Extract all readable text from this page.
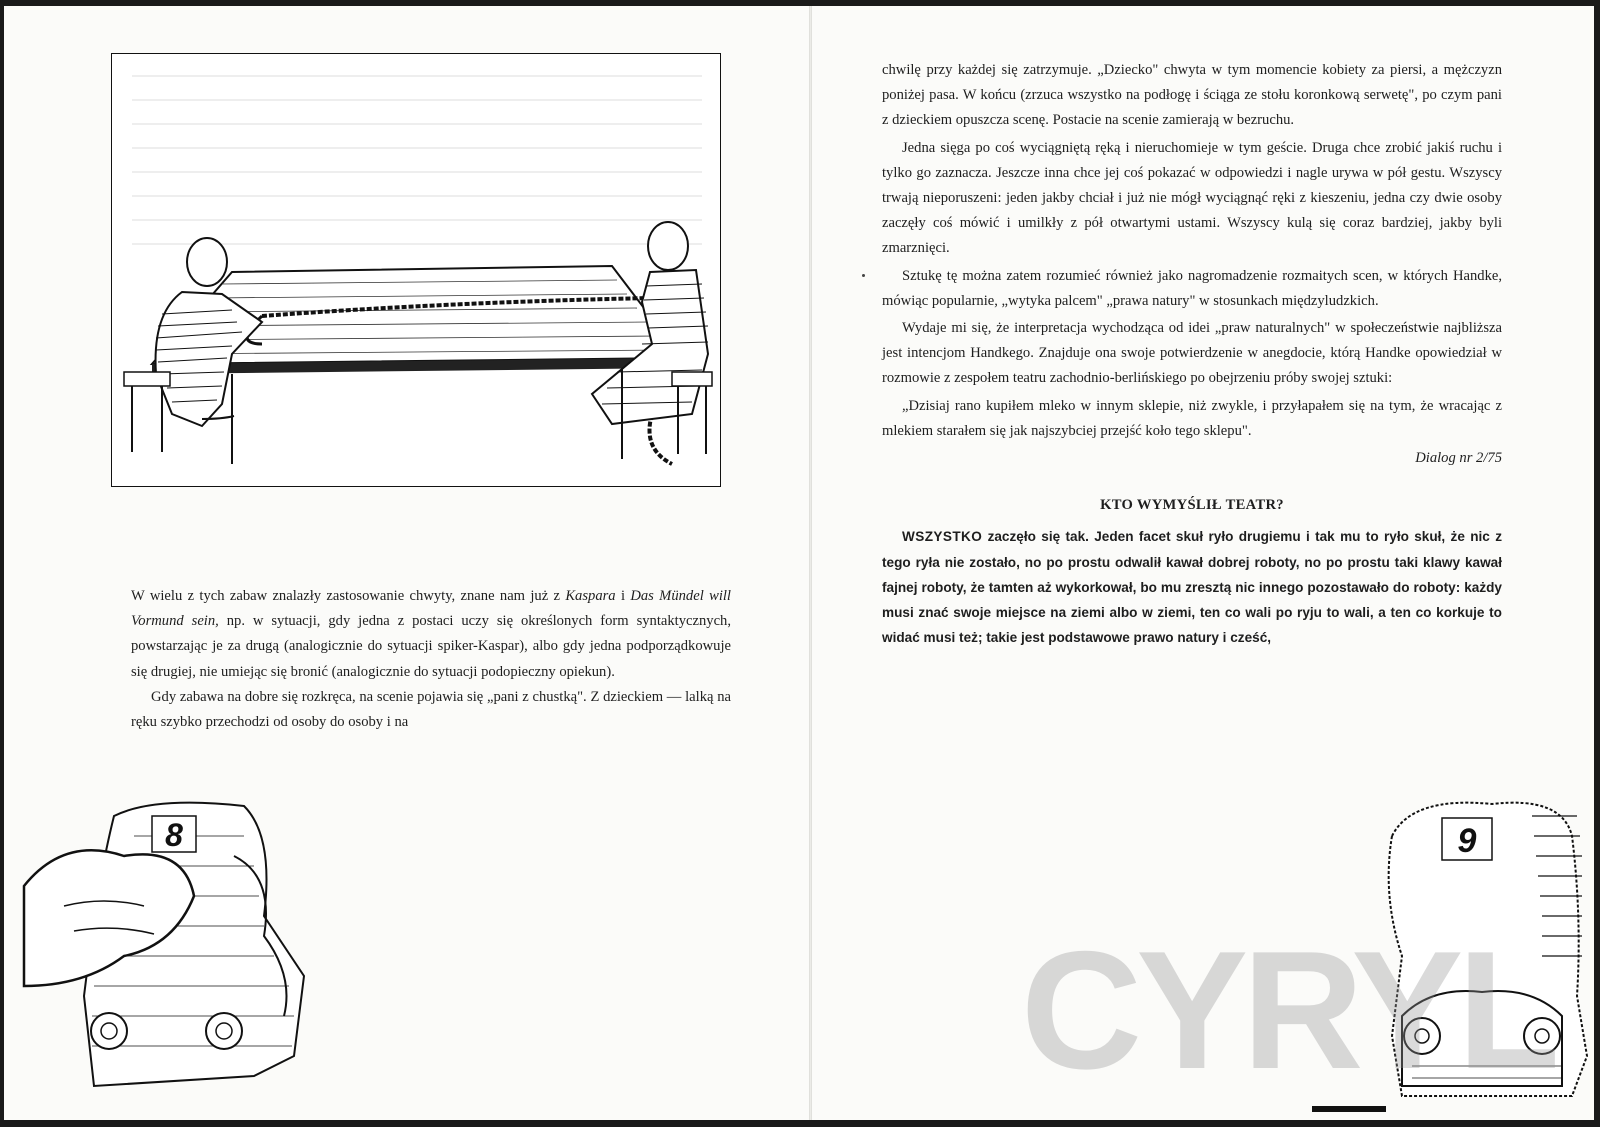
W wielu z tych zabaw znalazły zastosowanie chwyty, znane nam już z Kaspara i Das Mündel will Vormund sein, np. w sytuacji, gdy jedna z postaci uczy się określonych form syntaktycznych, powstarzając je za drugą (analogicznie do sytuacji spiker-Kaspar), albo gdy jedna podporządkowuje się drugiej, nie umiejąc się bronić (analogicznie do sytuacji podopieczny opiekun).

Gdy zabawa na dobre się rozkręca, na scenie pojawia się „pani z chustką". Z dzieckiem — lalką na ręku szybko przechodzi od osoby do osoby i na

8

chwilę przy każdej się zatrzymuje. „Dziecko" chwyta w tym momencie kobiety za piersi, a mężczyzn poniżej pasa. W końcu (zrzuca wszystko na podłogę i ściąga ze stołu koronkową serwetę", po czym pani z dzieckiem opuszcza scenę. Postacie na scenie zamierają w bezruchu.

Jedna sięga po coś wyciągniętą ręką i nieruchomieje w tym geście. Druga chce zrobić jakiś ruchu i tylko go zaznacza. Jeszcze inna chce jej coś pokazać w odpowiedzi i nagle urywa w pół gestu. Wszyscy trwają nieporuszeni: jeden jakby chciał i już nie mógł wyciągnąć ręki z kieszeniu, jedna czy dwie osoby zaczęły coś mówić i umilkły z pół otwartymi ustami. Wszyscy kulą się coraz bardziej, jakby byli zmarznięci.

Sztukę tę można zatem rozumieć również jako nagromadzenie rozmaitych scen, w których Handke, mówiąc popularnie, „wytyka palcem" „prawa natury" w stosunkach międzyludzkich.

Wydaje mi się, że interpretacja wychodząca od idei „praw naturalnych" w społeczeństwie najbliższa jest intencjom Handkego. Znajduje ona swoje potwierdzenie w anegdocie, którą Handke opowiedział w rozmowie z zespołem teatru zachodnio-berlińskiego po obejrzeniu próby swojej sztuki:

„Dzisiaj rano kupiłem mleko w innym sklepie, niż zwykle, i przyłapałem się na tym, że wracając z mlekiem starałem się jak najszybciej przejść koło tego sklepu".

Dialog nr 2/75

KTO WYMYŚLIŁ TEATR?

WSZYSTKO zaczęło się tak. Jeden facet skuł ryło drugiemu i tak mu to ryło skuł, że nic z tego ryła nie zostało, no po prostu odwalił kawał dobrej roboty, no po prostu taki klawy kawał fajnej roboty, że tamten aż wykorkował, bo mu zresztą nic innego pozostawało do roboty: każdy musi znać swoje miejsce na ziemi albo w ziemi, ten co wali po ryju to wali, a ten co korkuje to widać musi też; takie jest podstawowe prawo natury i cześć,

9
CYRYL
